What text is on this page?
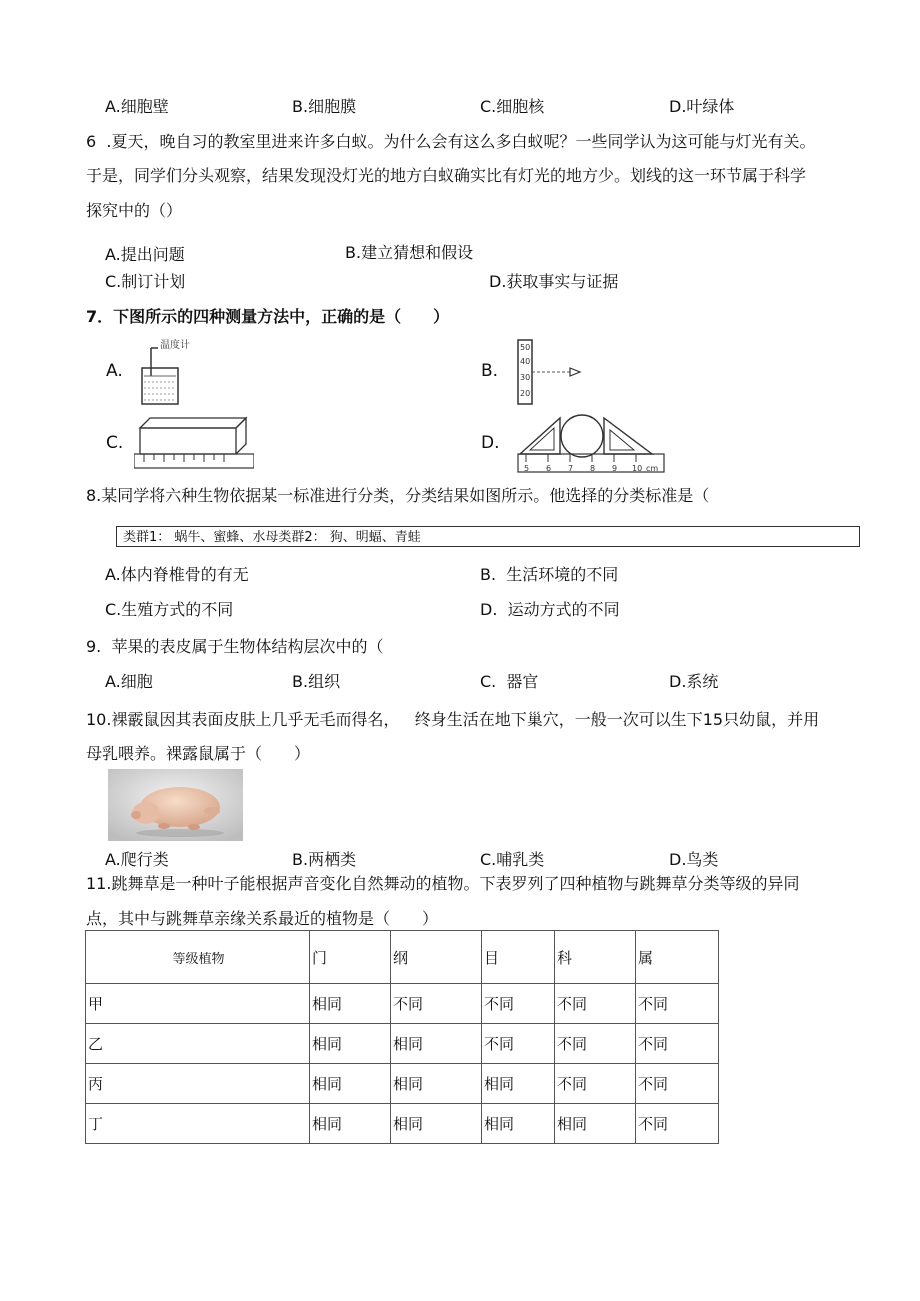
A.细胞壁	B.细胞膜	C.细胞核	D.叶绿体
6  .夏天，晚自习的教室里进来许多白蚁。为什么会有这么多白蚁呢？一些同学认为这可能与灯光有关。
于是，同学们分头观察，结果发现没灯光的地方白蚁确实比有灯光的地方少。划线的这一环节属于科学
探究中的（）
A.提出问题	B.建立猜想和假设
C.制订计划	D.获取事实与证据
7．下图所示的四种测量方法中，正确的是（　　）
A.	B.
C.	D.
温度计	50
40
30
20
5 6 7 8 9 10 cm
8.某同学将六种生物依据某一标准进行分类，分类结果如图所示。他选择的分类标准是（
类群1： 蜗牛、蜜蜂、水母类群2： 狗、明蝠、青蛙
A.体内脊椎骨的有无	B.  生活环境的不同
C.生殖方式的不同	D.  运动方式的不同
9.  苹果的表皮属于生物体结构层次中的（
A.细胞	B.组织	C.  器官	D.系统
10.裸霰鼠因其表面皮肤上几乎无毛而得名，   终身生活在地下巢穴，一般一次可以生下15只幼鼠，并用
母乳喂养。裸露鼠属于（　　）
A.爬行类	B.两栖类	C.哺乳类	D.鸟类
11.跳舞草是一种叶子能根据声音变化自然舞动的植物。下表罗列了四种植物与跳舞草分类等级的异同
点，其中与跳舞草亲缘关系最近的植物是（　　）
等级植物	门	纲	目	科	属
甲	相同	不同	不同	不同	不同
乙	相同	相同	不同	不同	不同
丙	相同	相同	相同	不同	不同
丁	相同	相同	相同	相同	不同
